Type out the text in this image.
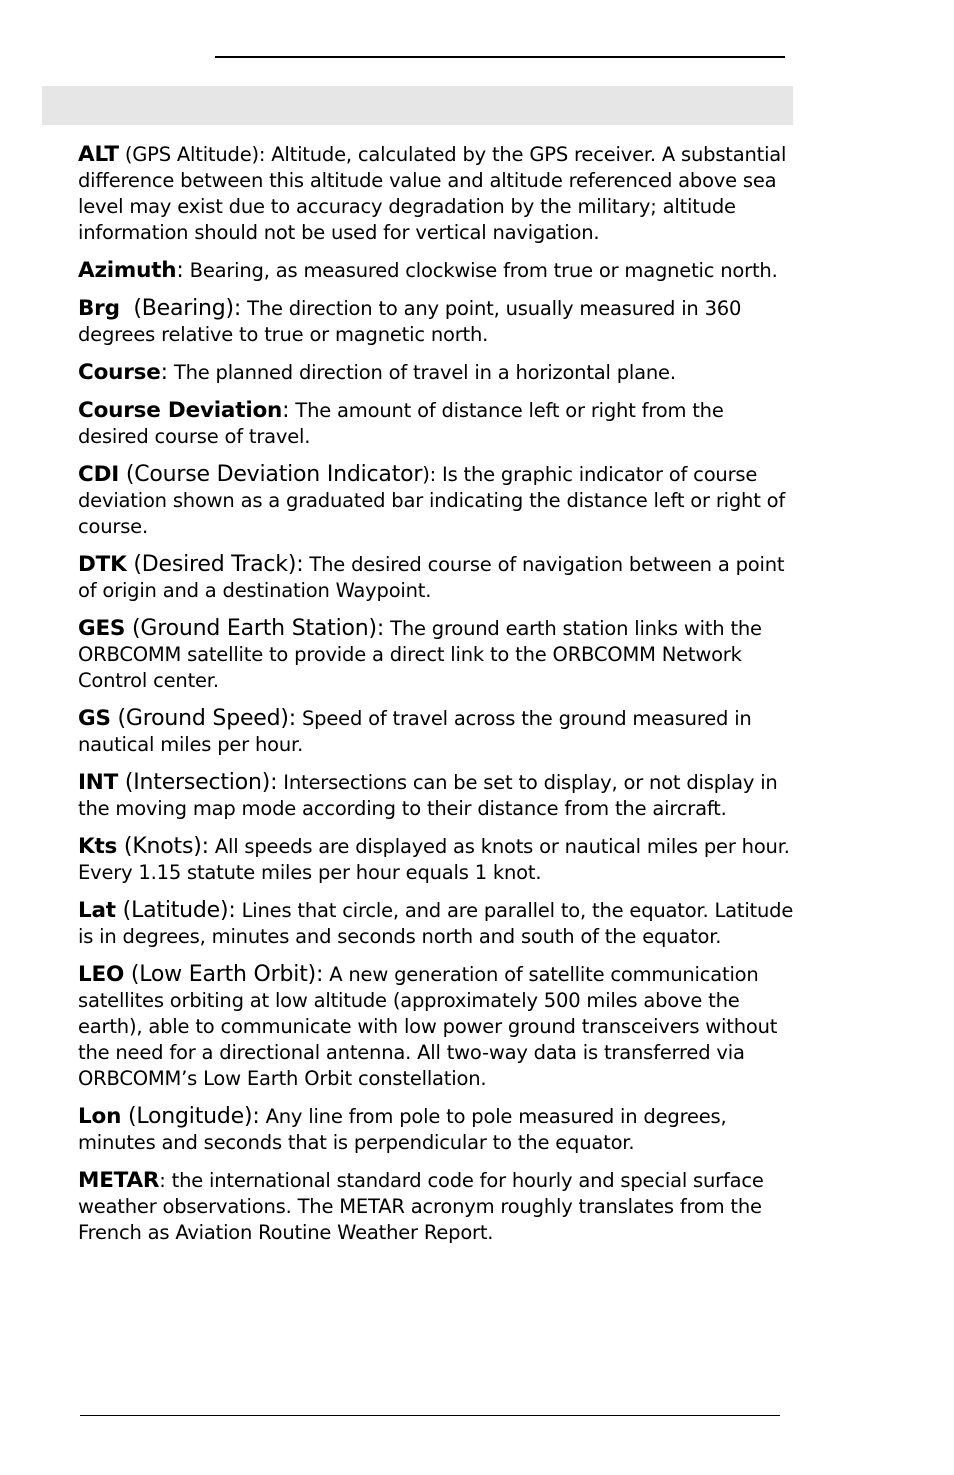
ALT (GPS Altitude): Altitude, calculated by the GPS receiver. A substantial difference between this altitude value and altitude referenced above sea level may exist due to accuracy degradation by the military; altitude information should not be used for vertical navigation.

Azimuth: Bearing, as measured clockwise from true or magnetic north.

Brg  (Bearing): The direction to any point, usually measured in 360 degrees relative to true or magnetic north.

Course: The planned direction of travel in a horizontal plane.

Course Deviation: The amount of distance left or right from the desired course of travel.

CDI (Course Deviation Indicator): Is the graphic indicator of course deviation shown as a graduated bar indicating the distance left or right of course.

DTK (Desired Track): The desired course of navigation between a point of origin and a destination Waypoint.

GES (Ground Earth Station): The ground earth station links with the ORBCOMM satellite to provide a direct link to the ORBCOMM Network Control center.

GS (Ground Speed): Speed of travel across the ground measured in nautical miles per hour.

INT (Intersection): Intersections can be set to display, or not display in the moving map mode according to their distance from the aircraft.

Kts (Knots): All speeds are displayed as knots or nautical miles per hour. Every 1.15 statute miles per hour equals 1 knot.

Lat (Latitude): Lines that circle, and are parallel to, the equator. Latitude is in degrees, minutes and seconds north and south of the equator.

LEO (Low Earth Orbit): A new generation of satellite communication satellites orbiting at low altitude (approximately 500 miles above the earth), able to communicate with low power ground transceivers without the need for a directional antenna. All two-way data is transferred via ORBCOMM’s Low Earth Orbit constellation.

Lon (Longitude): Any line from pole to pole measured in degrees, minutes and seconds that is perpendicular to the equator.

METAR: the international standard code for hourly and special surface weather observations. The METAR acronym roughly translates from the French as Aviation Routine Weather Report.
